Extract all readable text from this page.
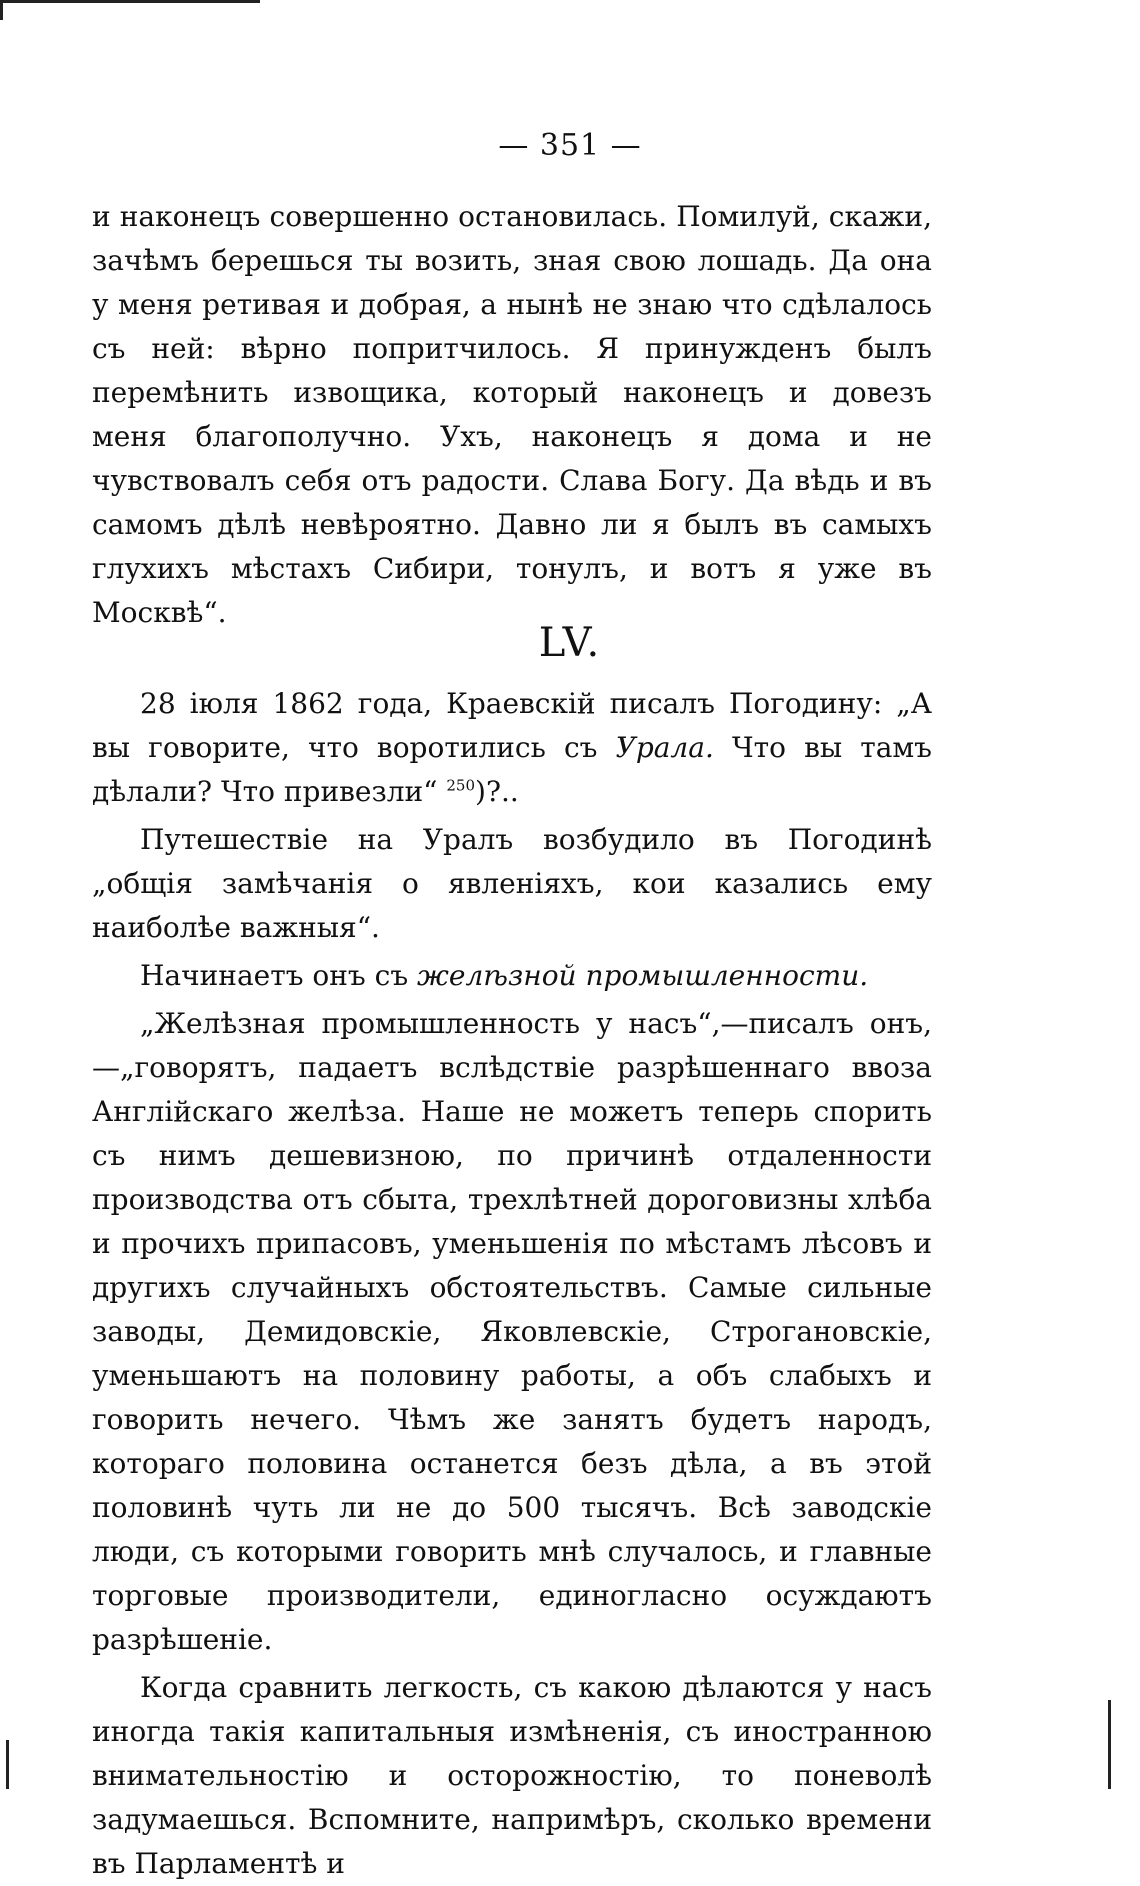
— 351 —

и наконецъ совершенно остановилась. Помилуй, скажи, зачѣмъ берешься ты возить, зная свою лошадь. Да она у меня ретивая и добрая, а нынѣ не знаю что сдѣлалось съ ней: вѣрно попритчилось. Я принужденъ былъ перемѣнить извощика, который наконецъ и довезъ меня благополучно. Ухъ, наконецъ я дома и не чувствовалъ себя отъ радости. Слава Богу. Да вѣдь и въ самомъ дѣлѣ невѣроятно. Давно ли я былъ въ самыхъ глухихъ мѣстахъ Сибири, тонулъ, и вотъ я уже въ Москвѣ“.

LV.

28 іюля 1862 года, Краевскій писалъ Погодину: „А вы говорите, что воротились съ Урала. Что вы тамъ дѣлали? Что привезли“ $^{250}$)?..

Путешествіе на Уралъ возбудило въ Погодинѣ „общія замѣчанія о явленіяхъ, кои казались ему наиболѣе важныя“.

Начинаетъ онъ съ желѣзной промышленности.

„Желѣзная промышленность у насъ“,—писалъ онъ, —„говорятъ, падаетъ вслѣдствіе разрѣшеннаго ввоза Англійскаго желѣза. Наше не можетъ теперь спорить съ нимъ дешевизною, по причинѣ отдаленности производства отъ сбыта, трехлѣтней дороговизны хлѣба и прочихъ припасовъ, уменьшенія по мѣстамъ лѣсовъ и другихъ случайныхъ обстоятельствъ. Самые сильные заводы, Демидовскіе, Яковлевскіе, Строгановскіе, уменьшаютъ на половину работы, а объ слабыхъ и говорить нечего. Чѣмъ же занятъ будетъ народъ, котораго половина останется безъ дѣла, а въ этой половинѣ чуть ли не до 500 тысячъ. Всѣ заводскіе люди, съ которыми говорить мнѣ случалось, и главные торговые производители, единогласно осуждаютъ разрѣшеніе.

Когда сравнить легкость, съ какою дѣлаются у насъ иногда такія капитальныя измѣненія, съ иностранною внимательностію и осторожностію, то поневолѣ задумаешься. Вспомните, напримѣръ, сколько времени въ Парламентѣ и
